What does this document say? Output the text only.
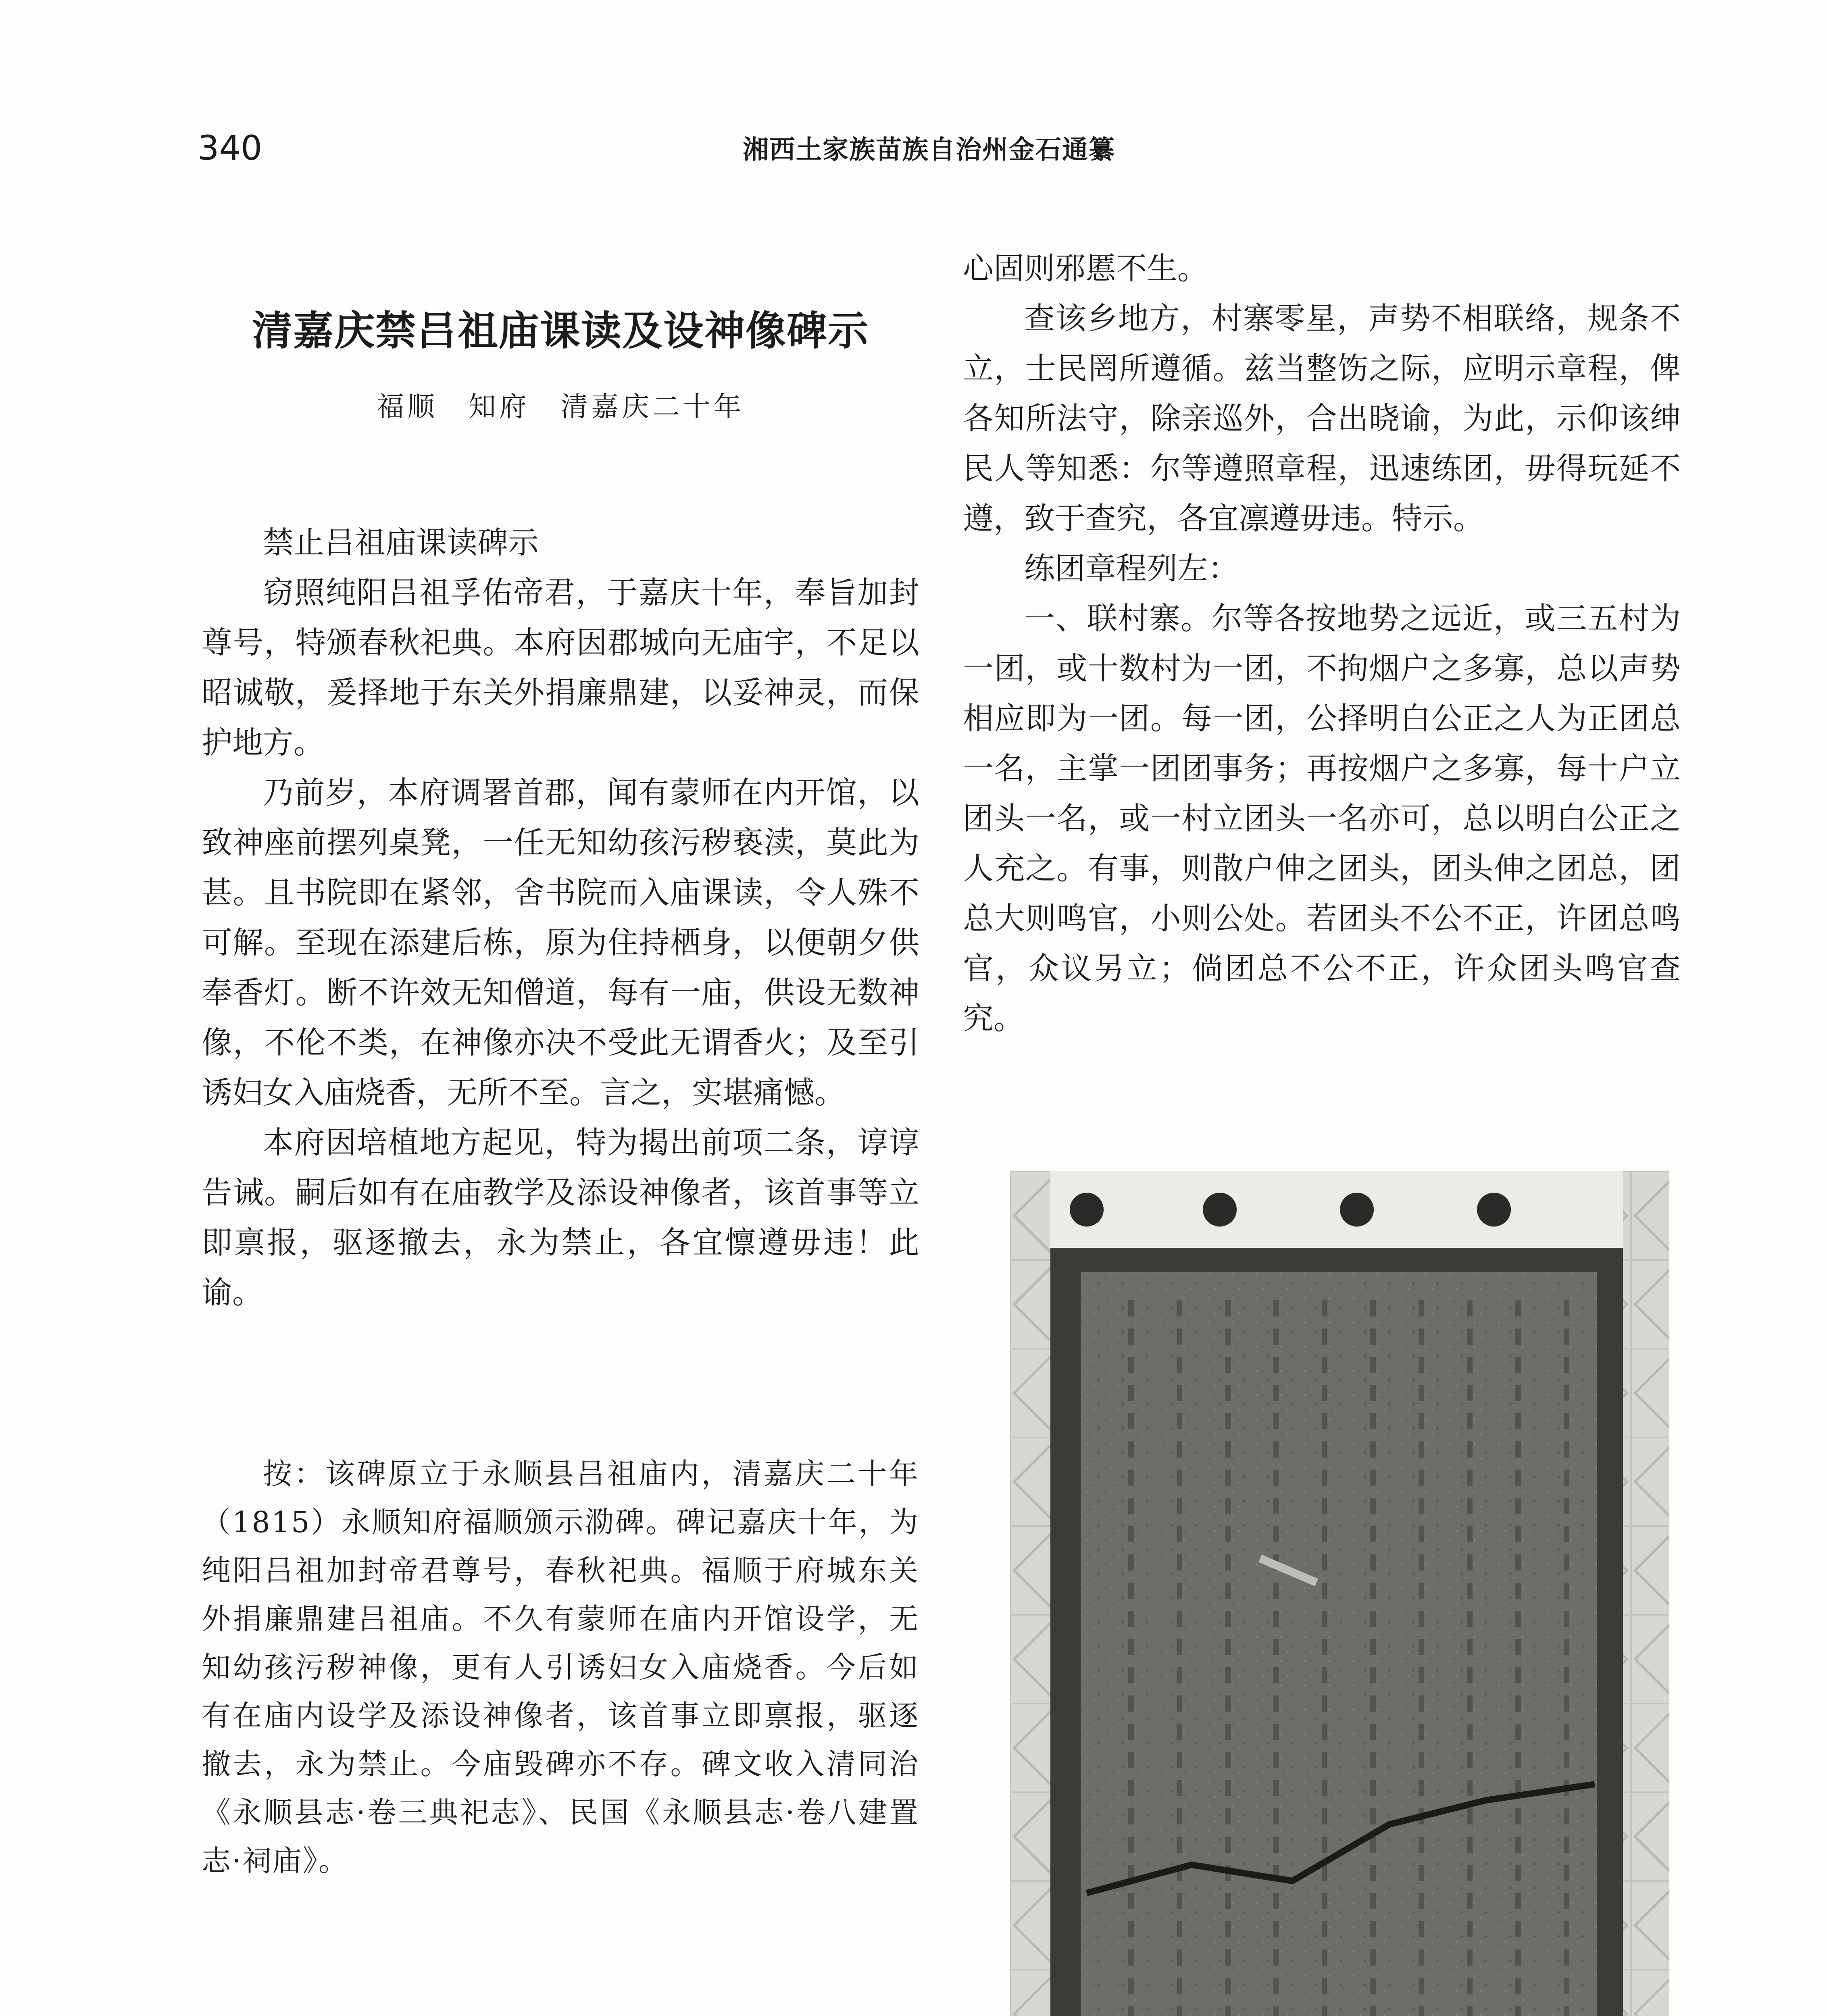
340	湘西土家族苗族自治州金石通纂
清嘉庆禁吕祖庙课读及设神像碑示
福顺　知府　清嘉庆二十年

禁止吕祖庙课读碑示

窃照纯阳吕祖孚佑帝君，于嘉庆十年，奉旨加封尊号，特颁春秋祀典。本府因郡城向无庙宇，不足以昭诚敬，爰择地于东关外捐廉鼎建，以妥神灵，而保护地方。

乃前岁，本府调署首郡，闻有蒙师在内开馆，以致神座前摆列桌凳，一任无知幼孩污秽亵渎，莫此为甚。且书院即在紧邻，舍书院而入庙课读，令人殊不可解。至现在添建后栋，原为住持栖身，以便朝夕供奉香灯。断不许效无知僧道，每有一庙，供设无数神像，不伦不类，在神像亦决不受此无谓香火；及至引诱妇女入庙烧香，无所不至。言之，实堪痛憾。

本府因培植地方起见，特为揭出前项二条，谆谆告诫。嗣后如有在庙教学及添设神像者，该首事等立即禀报，驱逐撤去，永为禁止，各宜懔遵毋违！此谕。

按：该碑原立于永顺县吕祖庙内，清嘉庆二十年（1815）永顺知府福顺颁示泐碑。碑记嘉庆十年，为纯阳吕祖加封帝君尊号，春秋祀典。福顺于府城东关外捐廉鼎建吕祖庙。不久有蒙师在庙内开馆设学，无知幼孩污秽神像，更有人引诱妇女入庙烧香。今后如有在庙内设学及添设神像者，该首事立即禀报，驱逐撤去，永为禁止。今庙毁碑亦不存。碑文收入清同治《永顺县志·卷三典祀志》、民国《永顺县志·卷八建置志·祠庙》。

心固则邪慝不生。

查该乡地方，村寨零星，声势不相联络，规条不立，士民罔所遵循。兹当整饬之际，应明示章程，俾各知所法守，除亲巡外，合出晓谕，为此，示仰该绅民人等知悉：尔等遵照章程，迅速练团，毋得玩延不遵，致于查究，各宜凛遵毋违。特示。

练团章程列左：

一、联村寨。尔等各按地势之远近，或三五村为一团，或十数村为一团，不拘烟户之多寡，总以声势相应即为一团。每一团，公择明白公正之人为正团总一名，主掌一团团事务；再按烟户之多寡，每十户立团头一名，或一村立团头一名亦可，总以明白公正之人充之。有事，则散户伸之团头，团头伸之团总，团总大则鸣官，小则公处。若团头不公不正，许团总鸣官，众议另立；倘团总不公不正，许众团头鸣官查究。
